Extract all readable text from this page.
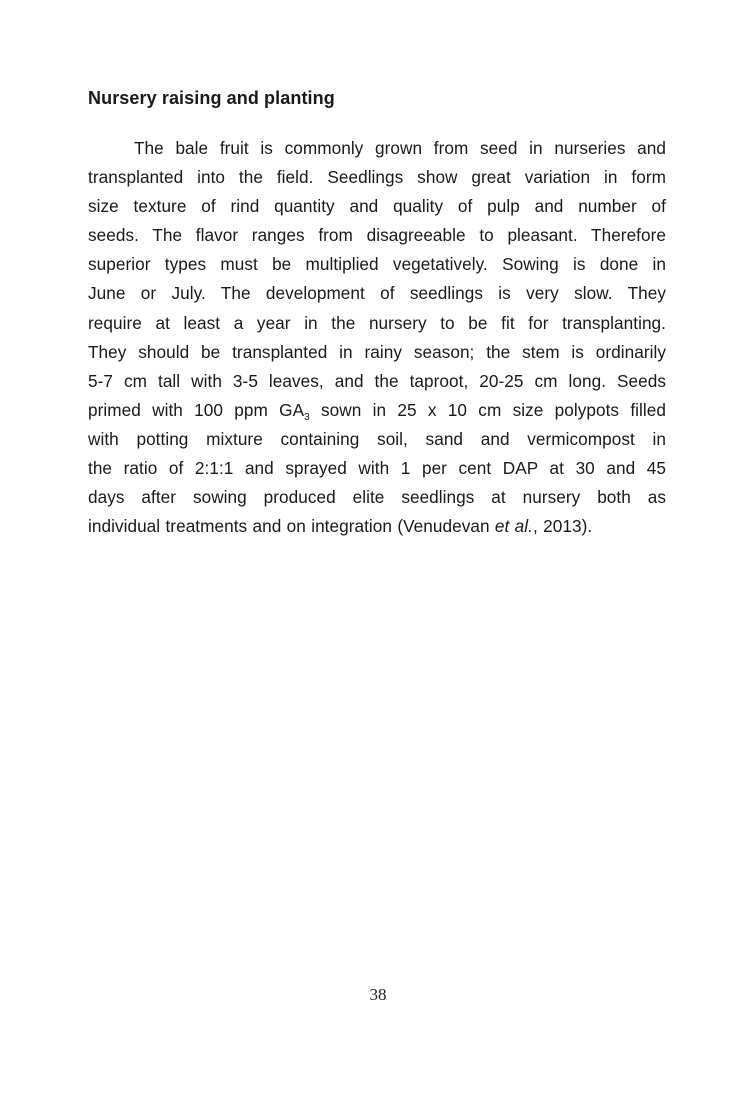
Nursery raising and planting

The bale fruit is commonly grown from seed in nurseries and
transplanted into the field. Seedlings show great variation in form
size texture of rind quantity and quality of pulp and number of
seeds. The flavor ranges from disagreeable to pleasant. Therefore
superior types must be multiplied vegetatively. Sowing is done in
June or July. The development of seedlings is very slow. They
require at least a year in the nursery to be fit for transplanting.
They should be transplanted in rainy season; the stem is ordinarily
5-7 cm tall with 3-5 leaves, and the taproot, 20-25 cm long. Seeds
primed with 100 ppm $GA_3$ sown in 25 x 10 cm size polypots filled
with potting mixture containing soil, sand and vermicompost in
the ratio of 2:1:1 and sprayed with 1 per cent DAP at 30 and 45
days after sowing produced elite seedlings at nursery both as
individual treatments and on integration (Venudevan et al., 2013).

38
